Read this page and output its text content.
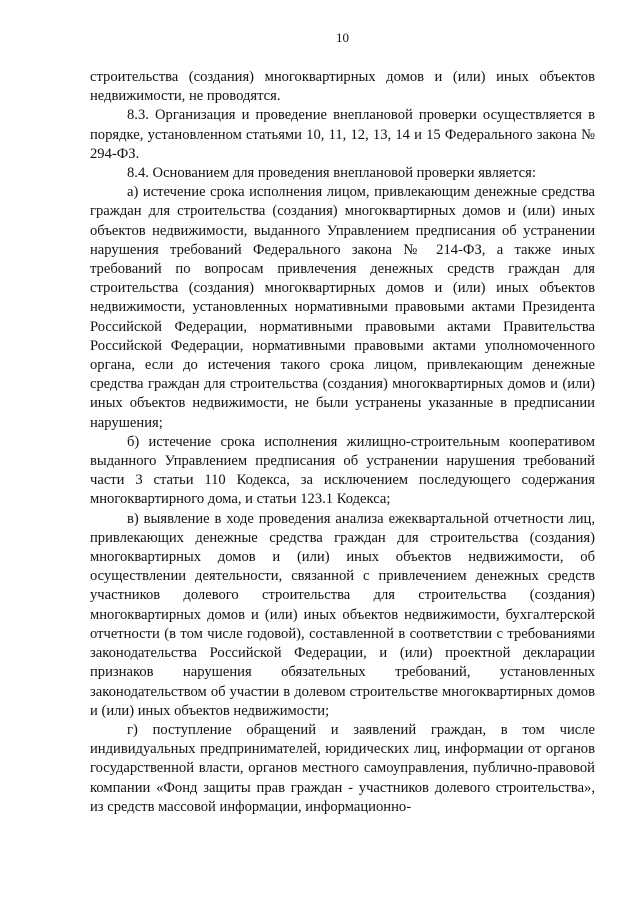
10

строительства (создания) многоквартирных домов и (или) иных объектов недвижимости, не проводятся.

8.3. Организация и проведение внеплановой проверки осуществляется в порядке, установленном статьями 10, 11, 12, 13, 14 и 15 Федерального закона № 294-ФЗ.

8.4. Основанием для проведения внеплановой проверки является:

а) истечение срока исполнения лицом, привлекающим денежные средства граждан для строительства (создания) многоквартирных домов и (или) иных объектов недвижимости, выданного Управлением предписания об устранении нарушения требований Федерального закона № 214-ФЗ, а также иных требований по вопросам привлечения денежных средств граждан для строительства (создания) многоквартирных домов и (или) иных объектов недвижимости, установленных нормативными правовыми актами Президента Российской Федерации, нормативными правовыми актами Правительства Российской Федерации, нормативными правовыми актами уполномоченного органа, если до истечения такого срока лицом, привлекающим денежные средства граждан для строительства (создания) многоквартирных домов и (или) иных объектов недвижимости, не были устранены указанные в предписании нарушения;

б) истечение срока исполнения жилищно-строительным кооперативом выданного Управлением предписания об устранении нарушения требований части 3 статьи 110 Кодекса, за исключением последующего содержания многоквартирного дома, и статьи 123.1 Кодекса;

в) выявление в ходе проведения анализа ежеквартальной отчетности лиц, привлекающих денежные средства граждан для строительства (создания) многоквартирных домов и (или) иных объектов недвижимости, об осуществлении деятельности, связанной с привлечением денежных средств участников долевого строительства для строительства (создания) многоквартирных домов и (или) иных объектов недвижимости, бухгалтерской отчетности (в том числе годовой), составленной в соответствии с требованиями законодательства Российской Федерации, и (или) проектной декларации признаков нарушения обязательных требований, установленных законодательством об участии в долевом строительстве многоквартирных домов и (или) иных объектов недвижимости;

г) поступление обращений и заявлений граждан, в том числе индивидуальных предпринимателей, юридических лиц, информации от органов государственной власти, органов местного самоуправления, публично-правовой компании «Фонд защиты прав граждан - участников долевого строительства», из средств массовой информации, информационно-
